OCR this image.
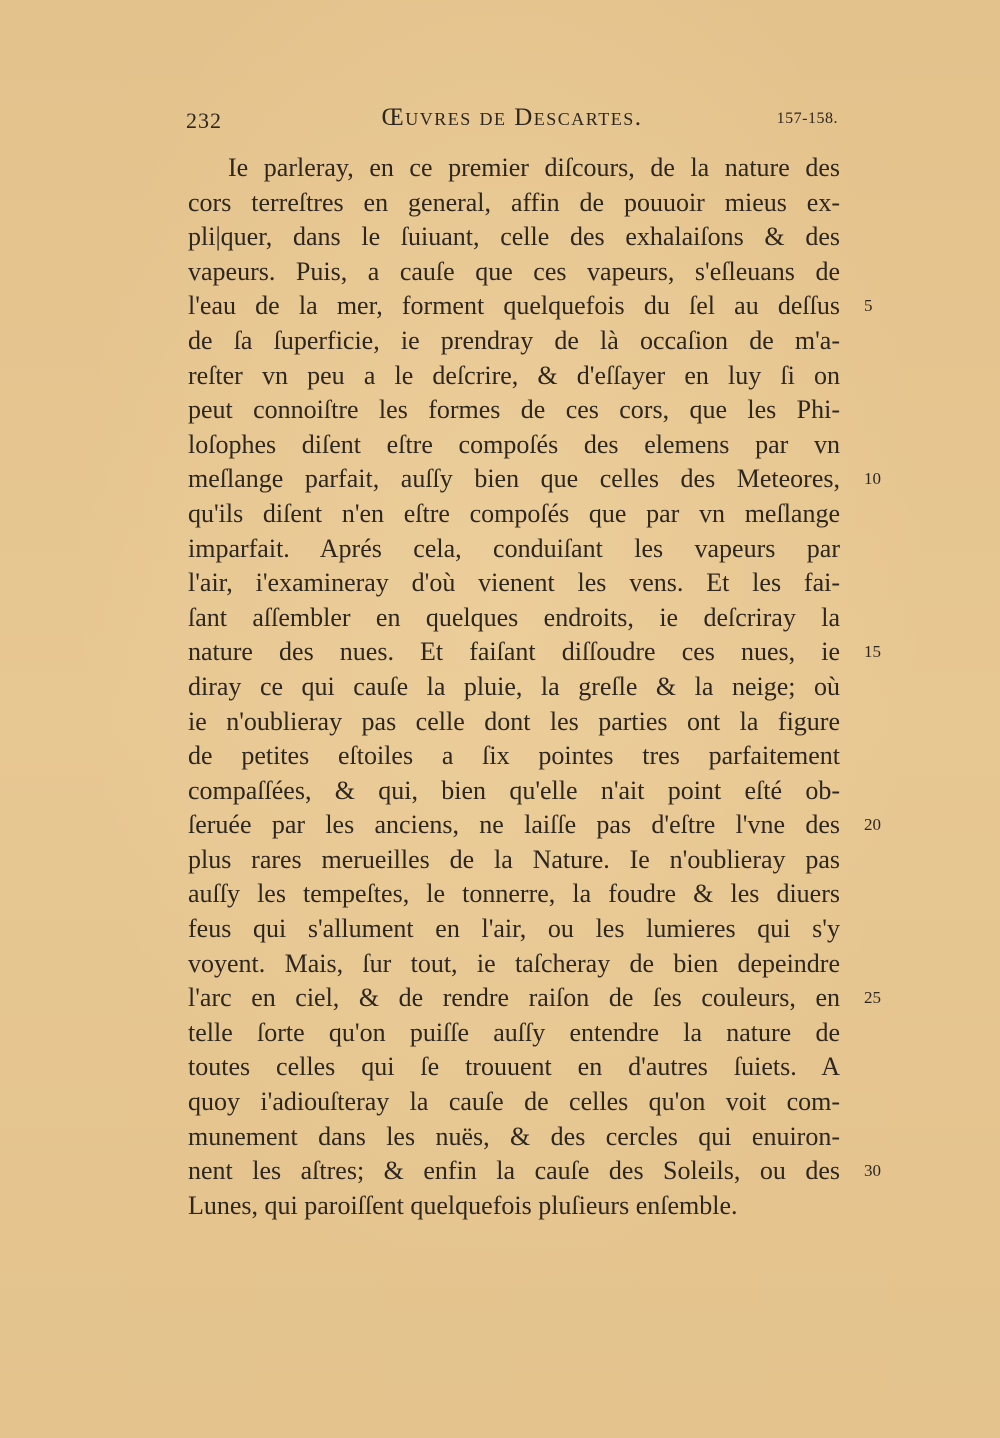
232	Œuvres de Descartes.	157-158.
Ie parleray, en ce premier diſcours, de la nature des
cors terreſtres en general, affin de pouuoir mieus ex-
pli|quer, dans le ſuiuant, celle des exhalaiſons & des
vapeurs. Puis, a cauſe que ces vapeurs, s'eſleuans de
l'eau de la mer, forment quelquefois du ſel au deſſus
de ſa ſuperficie, ie prendray de là occaſion de m'a-
reſter vn peu a le deſcrire, & d'eſſayer en luy ſi on
peut connoiſtre les formes de ces cors, que les Phi-
loſophes diſent eſtre compoſés des elemens par vn
meſlange parfait, auſſy bien que celles des Meteores,
qu'ils diſent n'en eſtre compoſés que par vn meſlange
imparfait. Aprés cela, conduiſant les vapeurs par
l'air, i'examineray d'où vienent les vens. Et les fai-
ſant aſſembler en quelques endroits, ie deſcriray la
nature des nues. Et faiſant diſſoudre ces nues, ie
diray ce qui cauſe la pluie, la greſle & la neige; où
ie n'oublieray pas celle dont les parties ont la figure
de petites eſtoiles a ſix pointes tres parfaitement
compaſſées, & qui, bien qu'elle n'ait point eſté ob-
ſeruée par les anciens, ne laiſſe pas d'eſtre l'vne des
plus rares merueilles de la Nature. Ie n'oublieray pas
auſſy les tempeſtes, le tonnerre, la foudre & les diuers
feus qui s'allument en l'air, ou les lumieres qui s'y
voyent. Mais, ſur tout, ie taſcheray de bien depeindre
l'arc en ciel, & de rendre raiſon de ſes couleurs, en
telle ſorte qu'on puiſſe auſſy entendre la nature de
toutes celles qui ſe trouuent en d'autres ſuiets. A
quoy i'adiouſteray la cauſe de celles qu'on voit com-
munement dans les nuës, & des cercles qui enuiron-
nent les aſtres; & enfin la cauſe des Soleils, ou des
Lunes, qui paroiſſent quelquefois pluſieurs enſemble.
5
10
15
20
25
30
